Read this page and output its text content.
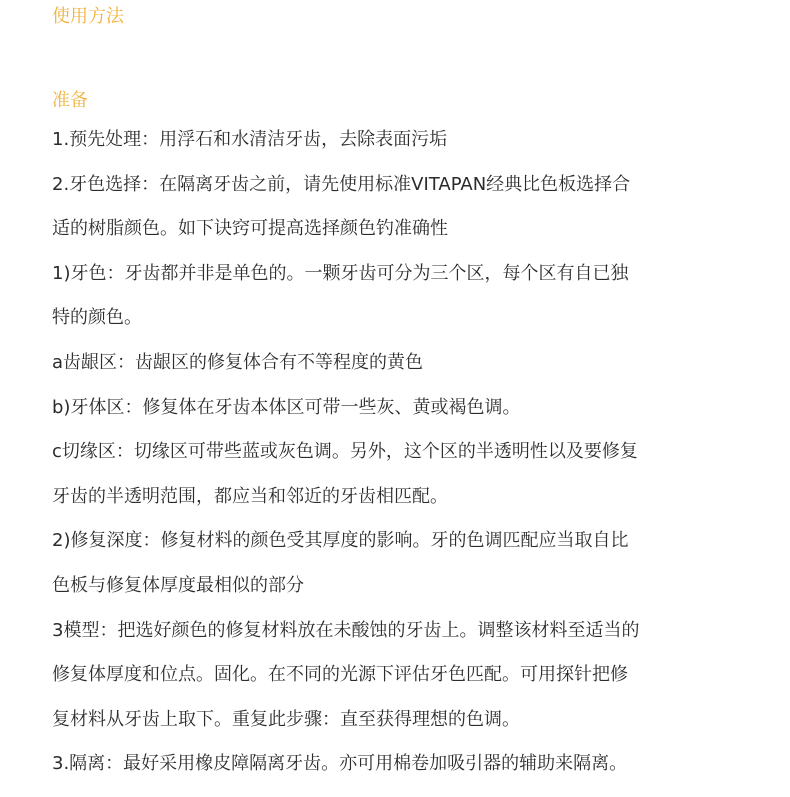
使用方法
准备

1.预先处理：用浮石和水清洁牙齿，去除表面污垢

2.牙色选择：在隔离牙齿之前，请先使用标准VITAPAN经典比色板选择合

适的树脂颜色。如下诀窍可提高选择颜色钓准确性

1)牙色：牙齿都并非是单色的。一颗牙齿可分为三个区，每个区有自已独

特的颜色。

a齿龈区：齿龈区的修复体合有不等程度的黄色

b)牙体区：修复体在牙齿本体区可带一些灰、黄或褐色调。

c切缘区：切缘区可带些蓝或灰色调。另外，这个区的半透明性以及要修复

牙齿的半透明范围，都应当和邻近的牙齿相匹配。

2)修复深度：修复材料的颜色受其厚度的影响。牙的色调匹配应当取自比

色板与修复体厚度最相似的部分

3模型：把选好颜色的修复材料放在未酸蚀的牙齿上。调整该材料至适当的

修复体厚度和位点。固化。在不同的光源下评估牙色匹配。可用探针把修

复材料从牙齿上取下。重复此步骤：直至获得理想的色调。

3.隔离：最好采用橡皮障隔离牙齿。亦可用棉卷加吸引器的辅助来隔离。
